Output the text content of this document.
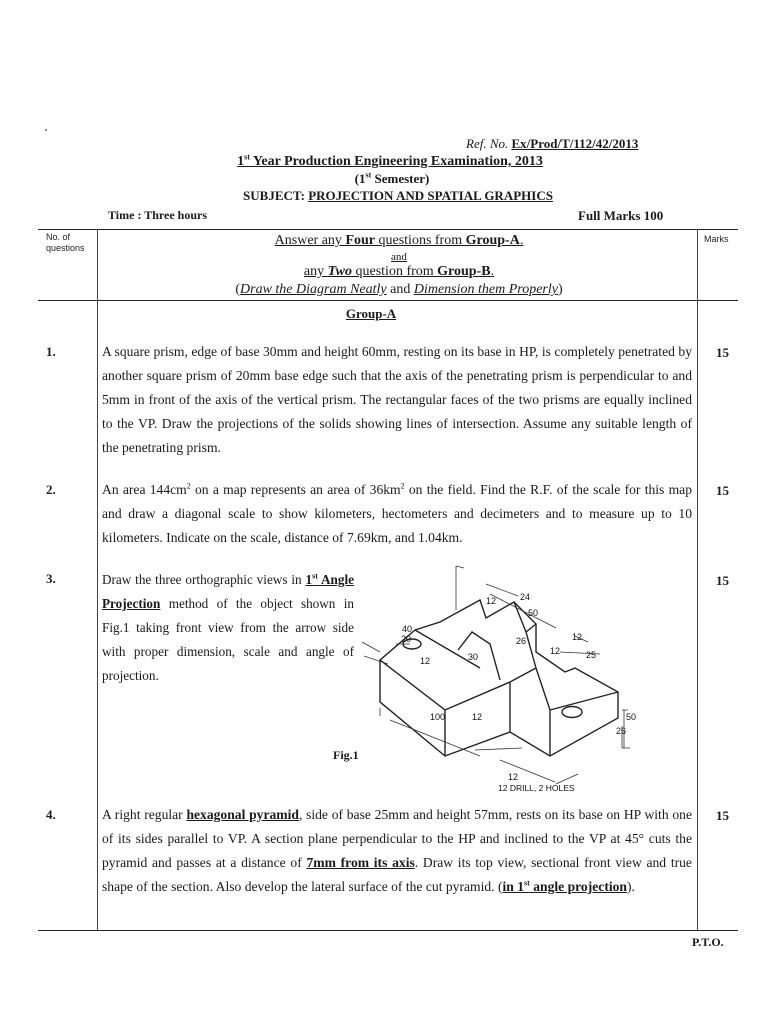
Ref. No. Ex/Prod/T/112/42/2013
1st Year Production Engineering Examination, 2013
(1st Semester)
SUBJECT: PROJECTION AND SPATIAL GRAPHICS
Time : Three hours	Full Marks 100
No. of questions
Marks
Answer any Four questions from Group-A.
and
any Two question from Group-B.
(Draw the Diagram Neatly and Dimension them Properly)
Group-A
1.	A square prism, edge of base 30mm and height 60mm, resting on its base in HP, is completely penetrated by another square prism of 20mm base edge such that the axis of the penetrating prism is perpendicular to and 5mm in front of the axis of the vertical prism. The rectangular faces of the two prisms are equally inclined to the VP. Draw the projections of the solids showing lines of intersection. Assume any suitable length of the penetrating prism.
15
2.	An area $144cm^2$ on a map represents an area of $36km^2$ on the field. Find the R.F. of the scale for this map and draw a diagonal scale to show kilometers, hectometers and decimeters and to measure up to 10 kilometers. Indicate on the scale, distance of 7.69km, and 1.04km.
15
3.	Draw the three orthographic views in 1st Angle Projection method of the object shown in Fig.1 taking front view from the arrow side with proper dimension, scale and angle of projection.
15
12	24
50
40
20	26	12
25
30
12
12
100	12	50
26
12
12 DRILL, 2 HOLES
Fig.1
4.	A right regular hexagonal pyramid, side of base 25mm and height 57mm, rests on its base on HP with one of its sides parallel to VP. A section plane perpendicular to the HP and inclined to the VP at 45° cuts the pyramid and passes at a distance of 7mm from its axis. Draw its top view, sectional front view and true shape of the section. Also develop the lateral surface of the cut pyramid. (in 1st angle projection).
15
P.T.O.
